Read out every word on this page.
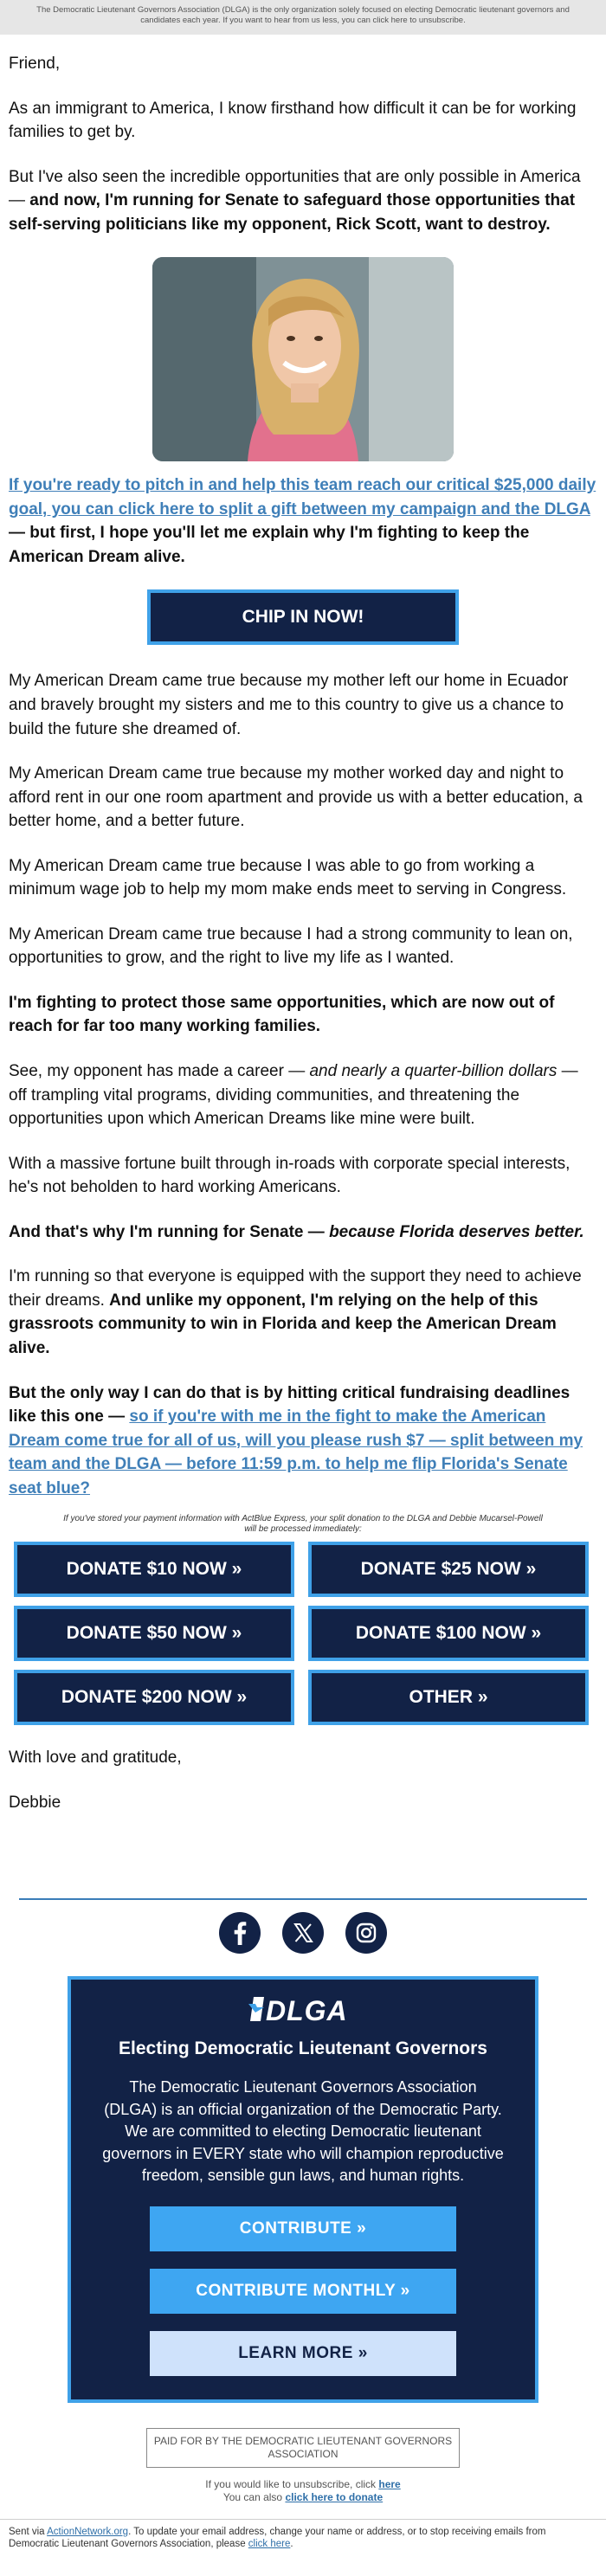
The Democratic Lieutenant Governors Association (DLGA) is the only organization solely focused on electing Democratic lieutenant governors and candidates each year. If you want to hear from us less, you can click here to unsubscribe.

Friend,

As an immigrant to America, I know firsthand how difficult it can be for working families to get by.

But I've also seen the incredible opportunities that are only possible in America — and now, I'm running for Senate to safeguard those opportunities that self-serving politicians like my opponent, Rick Scott, want to destroy.

If you're ready to pitch in and help this team reach our critical $25,000 daily goal, you can click here to split a gift between my campaign and the DLGA — but first, I hope you'll let me explain why I'm fighting to keep the American Dream alive.

CHIP IN NOW!

My American Dream came true because my mother left our home in Ecuador and bravely brought my sisters and me to this country to give us a chance to build the future she dreamed of.

My American Dream came true because my mother worked day and night to afford rent in our one room apartment and provide us with a better education, a better home, and a better future.

My American Dream came true because I was able to go from working a minimum wage job to help my mom make ends meet to serving in Congress.

My American Dream came true because I had a strong community to lean on, opportunities to grow, and the right to live my life as I wanted.

I'm fighting to protect those same opportunities, which are now out of reach for far too many working families.

See, my opponent has made a career — and nearly a quarter-billion dollars — off trampling vital programs, dividing communities, and threatening the opportunities upon which American Dreams like mine were built.

With a massive fortune built through in-roads with corporate special interests, he's not beholden to hard working Americans.

And that's why I'm running for Senate — because Florida deserves better.

I'm running so that everyone is equipped with the support they need to achieve their dreams. And unlike my opponent, I'm relying on the help of this grassroots community to win in Florida and keep the American Dream alive.

But the only way I can do that is by hitting critical fundraising deadlines like this one — so if you're with me in the fight to make the American Dream come true for all of us, will you please rush $7 — split between my team and the DLGA — before 11:59 p.m. to help me flip Florida's Senate seat blue?

If you've stored your payment information with ActBlue Express, your split donation to the DLGA and Debbie Mucarsel-Powell will be processed immediately:

DONATE $10 NOW »	DONATE $25 NOW »
DONATE $50 NOW »	DONATE $100 NOW »
DONATE $200 NOW »	OTHER »

With love and gratitude,

Debbie

DLGA
Electing Democratic Lieutenant Governors
The Democratic Lieutenant Governors Association (DLGA) is an official organization of the Democratic Party. We are committed to electing Democratic lieutenant governors in EVERY state who will champion reproductive freedom, sensible gun laws, and human rights.
CONTRIBUTE »
CONTRIBUTE MONTHLY »
LEARN MORE »
PAID FOR BY THE DEMOCRATIC LIEUTENANT GOVERNORS ASSOCIATION
If you would like to unsubscribe, click here
You can also click here to donate
Sent via ActionNetwork.org. To update your email address, change your name or address, or to stop receiving emails from Democratic Lieutenant Governors Association, please click here.
